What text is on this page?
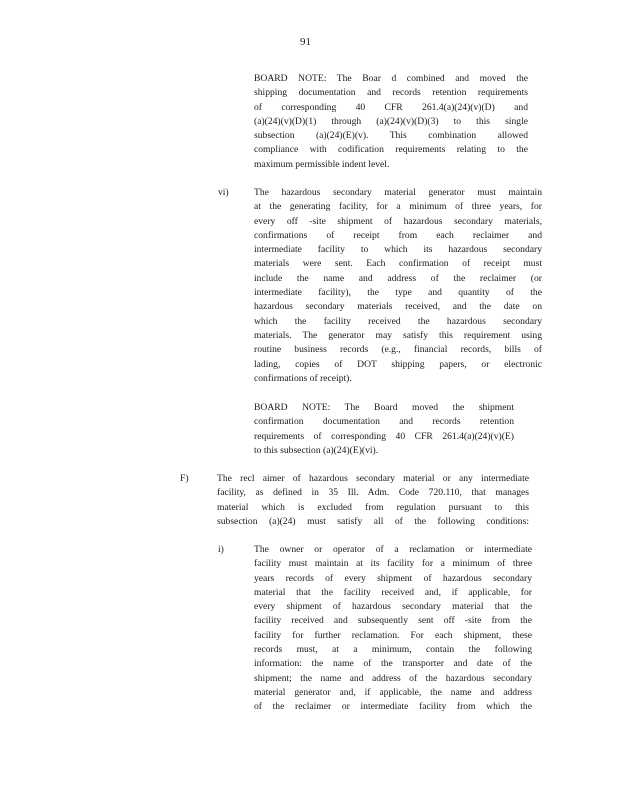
91
BOARD NOTE: The Boar d combined and moved the
shipping documentation and records retention requirements
of corresponding 40 CFR 261.4(a)(24)(v)(D) and
(a)(24)(v)(D)(1) through (a)(24)(v)(D)(3) to this single
subsection (a)(24)(E)(v). This combination allowed
compliance with codification requirements relating to the
maximum permissible indent level.
vi)	The hazardous secondary material generator must maintain
at the generating facility, for a minimum of three years, for
every off -site shipment of hazardous secondary materials,
confirmations of receipt from each reclaimer and
intermediate facility to which its hazardous secondary
materials were sent. Each confirmation of receipt must
include the name and address of the reclaimer (or
intermediate facility), the type and quantity of the
hazardous secondary materials received, and the date on
which the facility received the hazardous secondary
materials. The generator may satisfy this requirement using
routine business records (e.g., financial records, bills of
lading, copies of DOT shipping papers, or electronic
confirmations of receipt).
BOARD NOTE: The Board moved the shipment
confirmation documentation and records retention
requirements of corresponding 40 CFR 261.4(a)(24)(v)(E)
to this subsection (a)(24)(E)(vi).
F)	The recl aimer of hazardous secondary material or any intermediate
facility, as defined in 35 Ill. Adm. Code 720.110, that manages
material which is excluded from regulation pursuant to this
subsection (a)(24) must satisfy all of the following conditions:
i)	The owner or operator of a reclamation or intermediate
facility must maintain at its facility for a minimum of three
years records of every shipment of hazardous secondary
material that the facility received and, if applicable, for
every shipment of hazardous secondary material that the
facility received and subsequently sent off -site from the
facility for further reclamation. For each shipment, these
records must, at a minimum, contain the following
information: the name of the transporter and date of the
shipment; the name and address of the hazardous secondary
material generator and, if applicable, the name and address
of the reclaimer or intermediate facility from which the
